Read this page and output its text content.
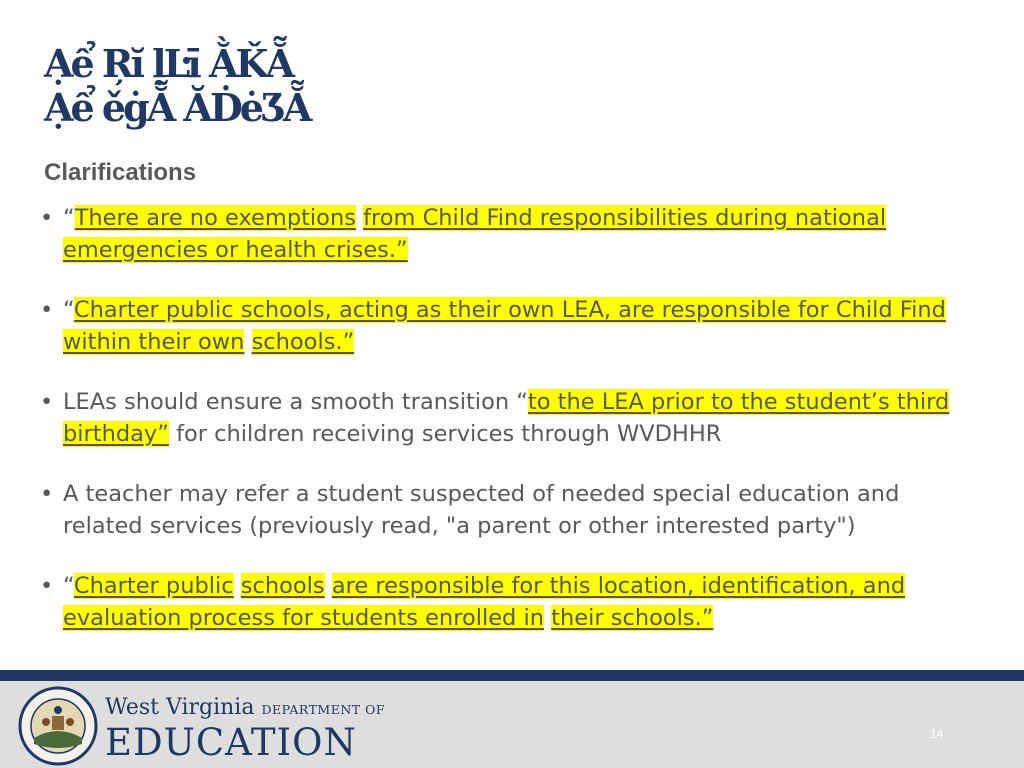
Ạể Ŗĭ ḷĿī ẰǨẴ
Ạể ěġẴ ĂḊėƷẴ
Clarifications
• “There are no exemptions from Child Find responsibilities during national emergencies or health crises.”
• “Charter public schools, acting as their own LEA, are responsible for Child Find within their own schools.”
• LEAs should ensure a smooth transition “to the LEA prior to the student’s third birthday” for children receiving services through WVDHHR
• A teacher may refer a student suspected of needed special education and related services (previously read, "a parent or other interested party")
• “Charter public schools are responsible for this location, identification, and evaluation process for students enrolled in their schools.”
West Virginia DEPARTMENT OF
EDUCATION	14
